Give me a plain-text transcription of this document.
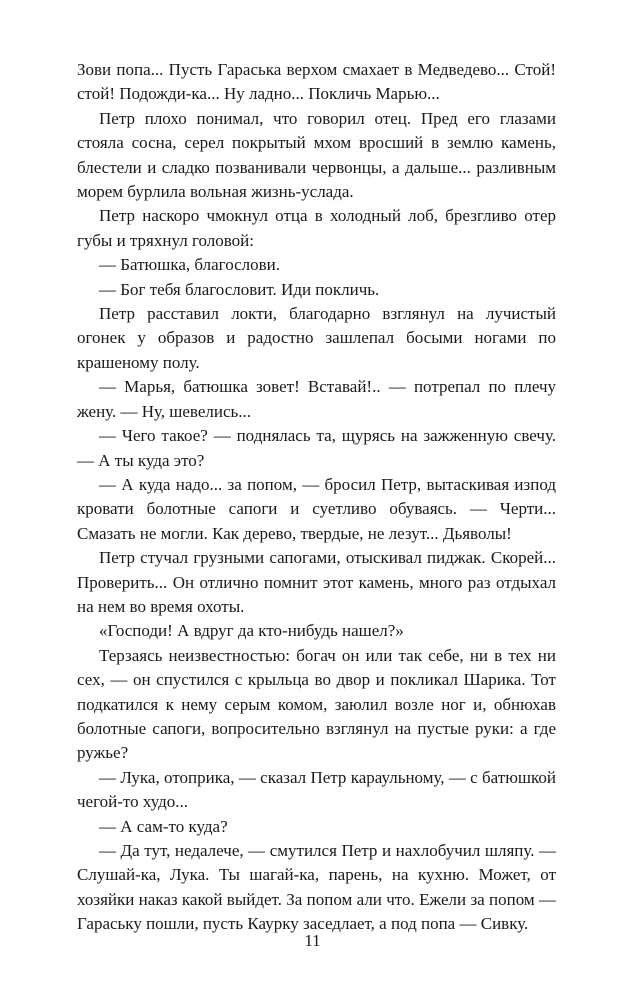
Зови попа... Пусть Гараська верхом смахает в Медведево... Стой! стой! Подожди-ка... Ну ладно... Покличь Марью...

Петр плохо понимал, что говорил отец. Пред его глазами стояла сосна, серел покрытый мхом вросший в землю камень, блестели и сладко позванивали червонцы, а дальше... разливным морем бурлила вольная жизнь-услада.

Петр наскоро чмокнул отца в холодный лоб, брезгливо отер губы и тряхнул головой:

— Батюшка, благослови.

— Бог тебя благословит. Иди покличь.

Петр расставил локти, благодарно взглянул на лучистый огонек у образов и радостно зашлепал босыми ногами по крашеному полу.

— Марья, батюшка зовет! Вставай!.. — потрепал по плечу жену. — Ну, шевелись...

— Чего такое? — поднялась та, щурясь на зажженную свечу. — А ты куда это?

— А куда надо... за попом, — бросил Петр, вытаскивая изпод кровати болотные сапоги и суетливо обуваясь. — Черти... Смазать не могли. Как дерево, твердые, не лезут... Дьяволы!

Петр стучал грузными сапогами, отыскивал пиджак. Скорей... Проверить... Он отлично помнит этот камень, много раз отдыхал на нем во время охоты.

«Господи! А вдруг да кто-нибудь нашел?»

Терзаясь неизвестностью: богач он или так себе, ни в тех ни сех, — он спустился с крыльца во двор и покликал Шарика. Тот подкатился к нему серым комом, заюлил возле ног и, обнюхав болотные сапоги, вопросительно взглянул на пустые руки: а где ружье?

— Лука, отоприка, — сказал Петр караульному, — с батюшкой чегой-то худо...

— А сам-то куда?

— Да тут, недалече, — смутился Петр и нахлобучил шляпу. — Слушай-ка, Лука. Ты шагай-ка, парень, на кухню. Может, от хозяйки наказ какой выйдет. За попом али что. Ежели за попом — Гараську пошли, пусть Каурку заседлает, а под попа — Сивку.

11
